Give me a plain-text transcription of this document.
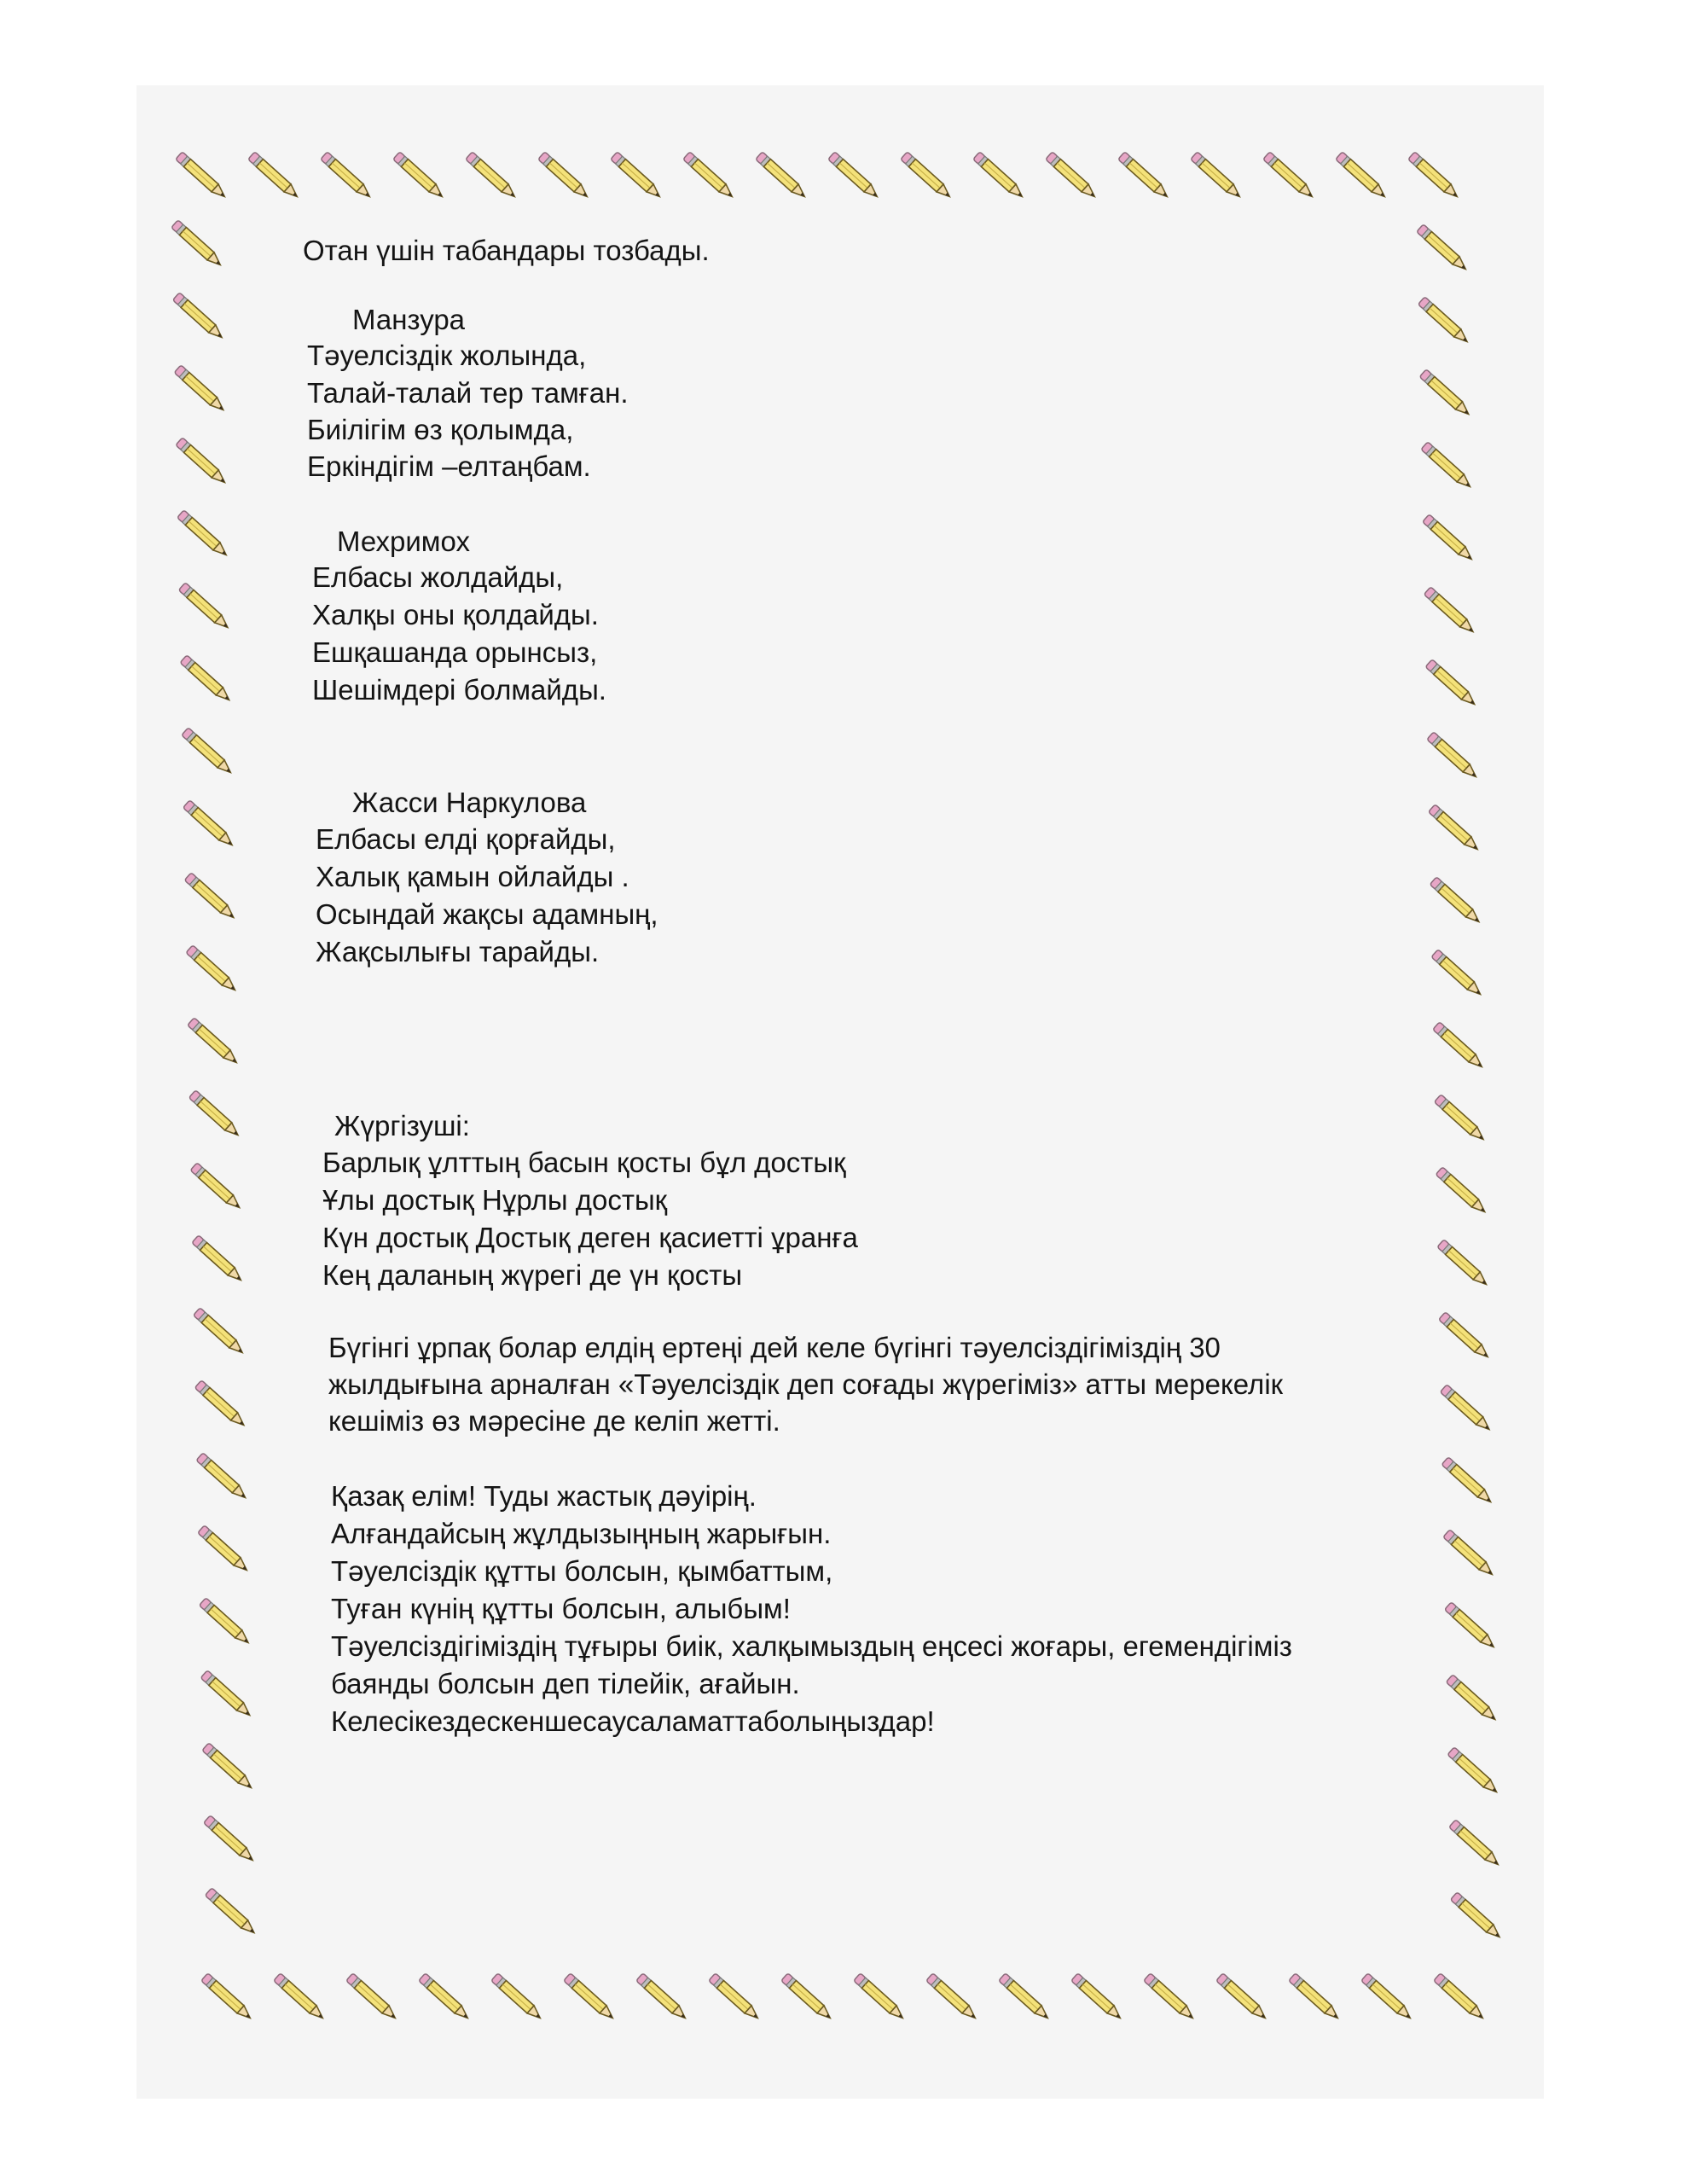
Отан үшін табандары тозбады.
Манзура
Тәуелсіздік жолында,
Талай-талай тер тамған.
Биілігім өз қолымда,
Еркіндігім –елтаңбам.
Мехримох
Елбасы жолдайды,
Халқы оны қолдайды.
Ешқашанда орынсыз,
Шешімдері болмайды.
Жасси Наркулова
Елбасы елді қорғайды,
Халық қамын ойлайды .
Осындай жақсы адамның,
Жақсылығы тарайды.
Жүргізуші:
Барлық ұлттың басын қосты бұл достық
Ұлы достық Нұрлы достық
Күн достық Достық деген қасиетті ұранға
Кең даланың жүрегі де үн қосты
Бүгінгі ұрпақ болар елдің ертеңі дей келе бүгінгі тәуелсіздігіміздің 30
жылдығына арналған «Тәуелсіздік деп соғады жүрегіміз» атты мерекелік
кешіміз өз мәресіне де келіп жетті.
Қазақ елім! Туды жастық дәуірің.
Алғандайсың жұлдызыңның жарығын.
Тәуелсіздік құтты болсын, қымбаттым,
Туған күнің құтты болсын, алыбым!
Тәуелсіздігіміздің тұғыры биік, халқымыздың еңсесі жоғары, егемендігіміз
баянды болсын деп тілейік, ағайын.
Келесікездескеншесаусаламаттаболыңыздар!
